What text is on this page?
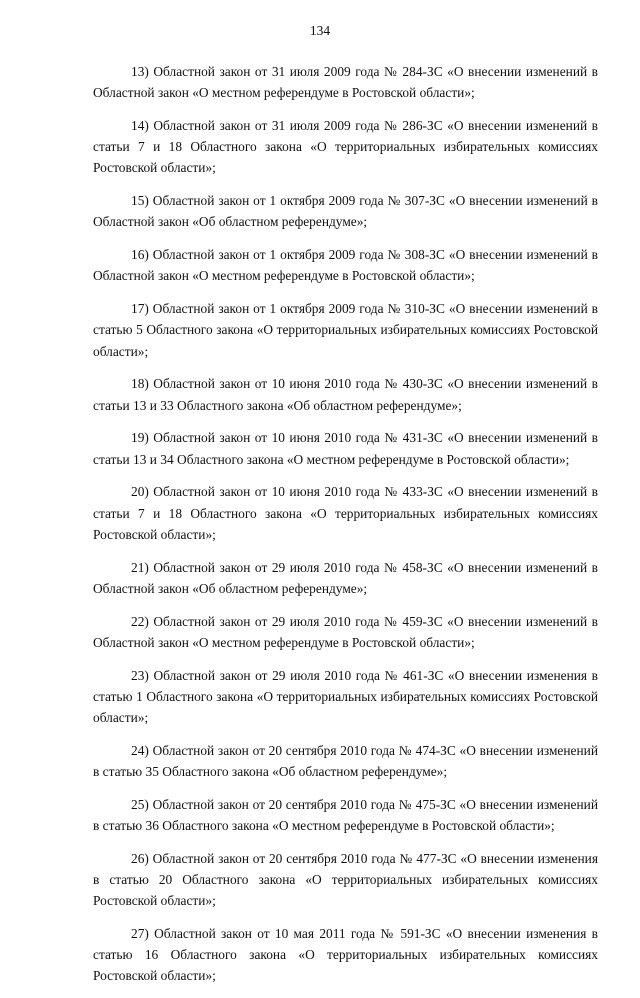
134

13) Областной закон от 31 июля 2009 года № 284-ЗС «О внесении изменений в Областной закон «О местном референдуме в Ростовской области»;

14) Областной закон от 31 июля 2009 года № 286-ЗС «О внесении изменений в статьи 7 и 18 Областного закона «О территориальных избирательных комиссиях Ростовской области»;

15) Областной закон от 1 октября 2009 года № 307-ЗС «О внесении изменений в Областной закон «Об областном референдуме»;

16) Областной закон от 1 октября 2009 года № 308-ЗС «О внесении изменений в Областной закон «О местном референдуме в Ростовской области»;

17) Областной закон от 1 октября 2009 года № 310-ЗС «О внесении изменений в статью 5 Областного закона «О территориальных избирательных комиссиях Ростовской области»;

18) Областной закон от 10 июня 2010 года № 430-ЗС «О внесении изменений в статьи 13 и 33 Областного закона «Об областном референдуме»;

19) Областной закон от 10 июня 2010 года № 431-ЗС «О внесении изменений в статьи 13 и 34 Областного закона «О местном референдуме в Ростовской области»;

20) Областной закон от 10 июня 2010 года № 433-ЗС «О внесении изменений в статьи 7 и 18 Областного закона «О территориальных избирательных комиссиях Ростовской области»;

21) Областной закон от 29 июля 2010 года № 458-ЗС «О внесении изменений в Областной закон «Об областном референдуме»;

22) Областной закон от 29 июля 2010 года № 459-ЗС «О внесении изменений в Областной закон «О местном референдуме в Ростовской области»;

23) Областной закон от 29 июля 2010 года № 461-ЗС «О внесении изменения в статью 1 Областного закона «О территориальных избирательных комиссиях Ростовской области»;

24) Областной закон от 20 сентября 2010 года № 474-ЗС «О внесении изменений в статью 35 Областного закона «Об областном референдуме»;

25) Областной закон от 20 сентября 2010 года № 475-ЗС «О внесении изменений в статью 36 Областного закона «О местном референдуме в Ростовской области»;

26) Областной закон от 20 сентября 2010 года № 477-ЗС «О внесении изменения в статью 20 Областного закона «О территориальных избирательных комиссиях Ростовской области»;

27) Областной закон от 10 мая 2011 года № 591-ЗС «О внесении изменения в статью 16 Областного закона «О территориальных избирательных комиссиях Ростовской области»;
